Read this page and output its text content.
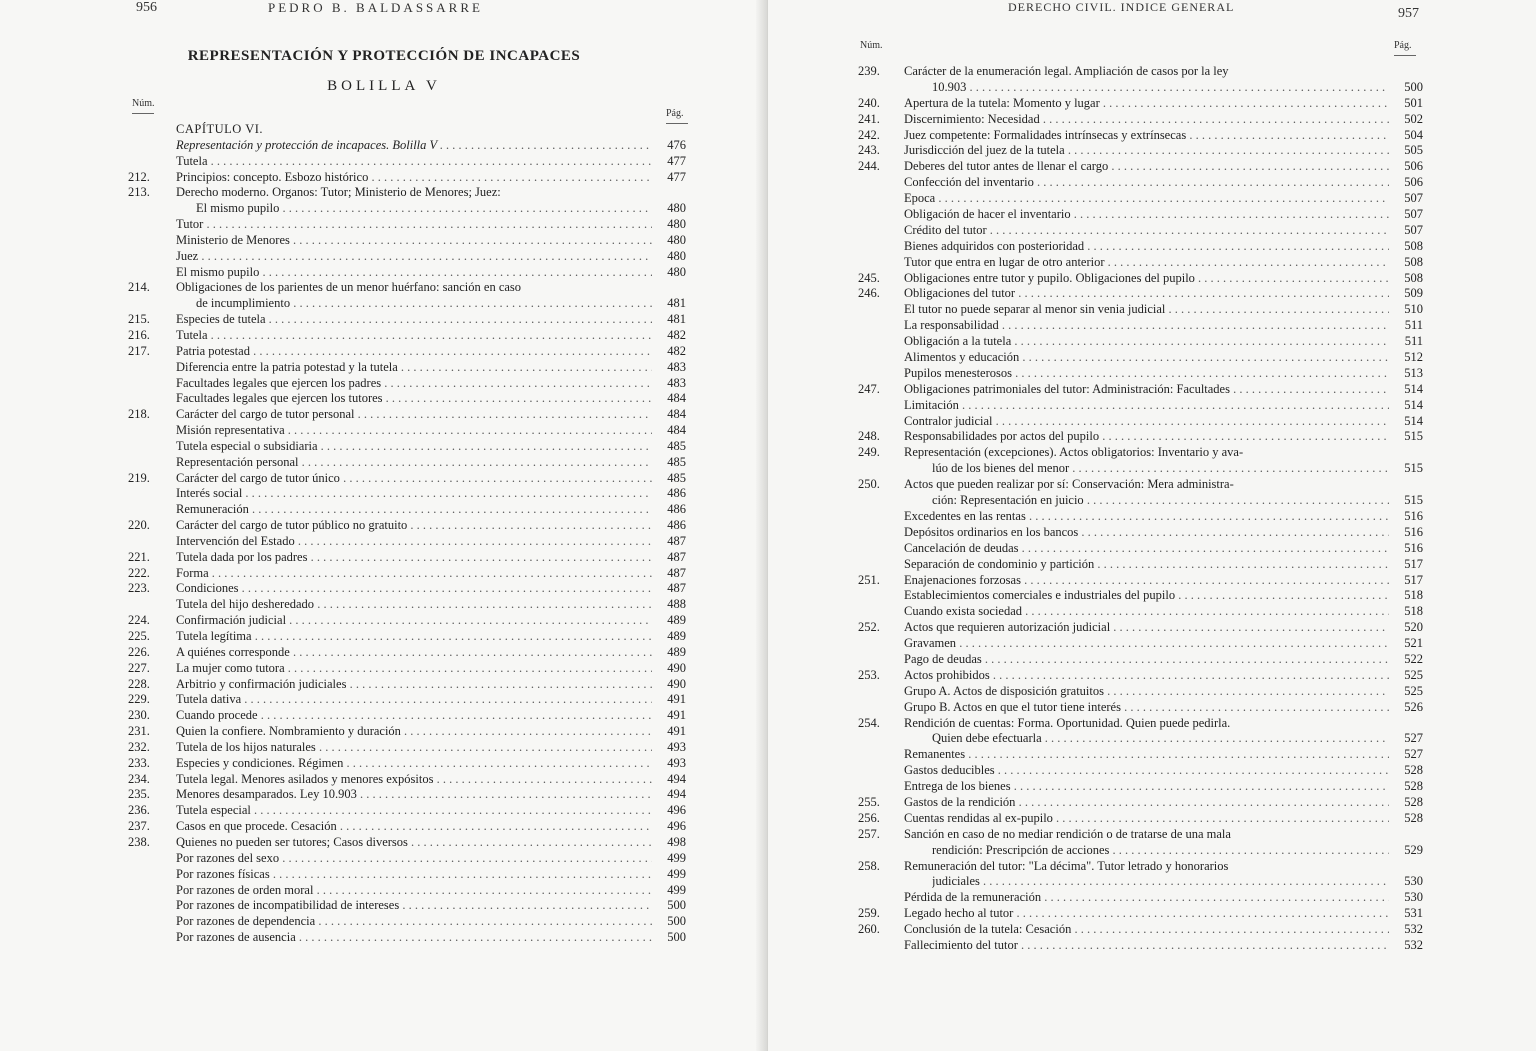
956	PEDRO B. BALDASSARRE
REPRESENTACIÓN Y PROTECCIÓN DE INCAPACES
BOLILLA V
Núm.
Pág.
CAPÍTULO VI.
Representación y protección de incapaces. Bolilla V . . .	476
Tutela . . .	477
212.	Principios: concepto. Esbozo histórico . . .	477
213.	Derecho moderno. Organos: Tutor; Ministerio de Menores; Juez:
El mismo pupilo . . .	480
Tutor . . .	480
Ministerio de Menores . . .	480
Juez . . .	480
El mismo pupilo . . .	480
214.	Obligaciones de los parientes de un menor huérfano: sanción en caso
de incumplimiento . . .	481
215.	Especies de tutela . . .	481
216.	Tutela . . .	482
217.	Patria potestad . . .	482
Diferencia entre la patria potestad y la tutela . . .	483
Facultades legales que ejercen los padres . . .	483
Facultades legales que ejercen los tutores . . .	484
218.	Carácter del cargo de tutor personal . . .	484
Misión representativa . . .	484
Tutela especial o subsidiaria . . .	485
Representación personal . . .	485
219.	Carácter del cargo de tutor único . . .	485
Interés social . . .	486
Remuneración . . .	486
220.	Carácter del cargo de tutor público no gratuito . . .	486
Intervención del Estado . . .	487
221.	Tutela dada por los padres . . .	487
222.	Forma . . .	487
223.	Condiciones . . .	487
Tutela del hijo desheredado . . .	488
224.	Confirmación judicial . . .	489
225.	Tutela legítima . . .	489
226.	A quiénes corresponde . . .	489
227.	La mujer como tutora . . .	490
228.	Arbitrio y confirmación judiciales . . .	490
229.	Tutela dativa . . .	491
230.	Cuando procede . . .	491
231.	Quien la confiere. Nombramiento y duración . . .	491
232.	Tutela de los hijos naturales . . .	493
233.	Especies y condiciones. Régimen . . .	493
234.	Tutela legal. Menores asilados y menores expósitos . . .	494
235.	Menores desamparados. Ley 10.903 . . .	494
236.	Tutela especial . . .	496
237.	Casos en que procede. Cesación . . .	496
238.	Quienes no pueden ser tutores; Casos diversos . . .	498
Por razones del sexo . . .	499
Por razones físicas . . .	499
Por razones de orden moral . . .	499
Por razones de incompatibilidad de intereses . . .	500
Por razones de dependencia . . .	500
Por razones de ausencia . . .	500
DERECHO CIVIL. INDICE GENERAL	957
Núm.	Pág.
239.	Carácter de la enumeración legal. Ampliación de casos por la ley
10.903 . . .	500
240.	Apertura de la tutela: Momento y lugar . . .	501
241.	Discernimiento: Necesidad . . .	502
242.	Juez competente: Formalidades intrínsecas y extrínsecas . . .	504
243.	Jurisdicción del juez de la tutela . . .	505
244.	Deberes del tutor antes de llenar el cargo . . .	506
Confección del inventario . . .	506
Epoca . . .	507
Obligación de hacer el inventario . . .	507
Crédito del tutor . . .	507
Bienes adquiridos con posterioridad . . .	508
Tutor que entra en lugar de otro anterior . . .	508
245.	Obligaciones entre tutor y pupilo. Obligaciones del pupilo . . .	508
246.	Obligaciones del tutor . . .	509
El tutor no puede separar al menor sin venia judicial . . .	510
La responsabilidad . . .	511
Obligación a la tutela . . .	511
Alimentos y educación . . .	512
Pupilos menesterosos . . .	513
247.	Obligaciones patrimoniales del tutor: Administración: Facultades . . .	514
Limitación . . .	514
Contralor judicial . . .	514
248.	Responsabilidades por actos del pupilo . . .	515
249.	Representación (excepciones). Actos obligatorios: Inventario y ava-
lúo de los bienes del menor . . .	515
250.	Actos que pueden realizar por sí: Conservación: Mera administra-
ción: Representación en juicio . . .	515
Excedentes en las rentas . . .	516
Depósitos ordinarios en los bancos . . .	516
Cancelación de deudas . . .	516
Separación de condominio y partición . . .	517
251.	Enajenaciones forzosas . . .	517
Establecimientos comerciales e industriales del pupilo . . .	518
Cuando exista sociedad . . .	518
252.	Actos que requieren autorización judicial . . .	520
Gravamen . . .	521
Pago de deudas . . .	522
253.	Actos prohibidos . . .	525
Grupo A. Actos de disposición gratuitos . . .	525
Grupo B. Actos en que el tutor tiene interés . . .	526
254.	Rendición de cuentas: Forma. Oportunidad. Quien puede pedirla.
Quien debe efectuarla . . .	527
Remanentes . . .	527
Gastos deducibles . . .	528
Entrega de los bienes . . .	528
255.	Gastos de la rendición . . .	528
256.	Cuentas rendidas al ex-pupilo . . .	528
257.	Sanción en caso de no mediar rendición o de tratarse de una mala
rendición: Prescripción de acciones . . .	529
258.	Remuneración del tutor: "La décima". Tutor letrado y honorarios
judiciales . . .	530
Pérdida de la remuneración . . .	530
259.	Legado hecho al tutor . . .	531
260.	Conclusión de la tutela: Cesación . . .	532
Fallecimiento del tutor . . .	532
